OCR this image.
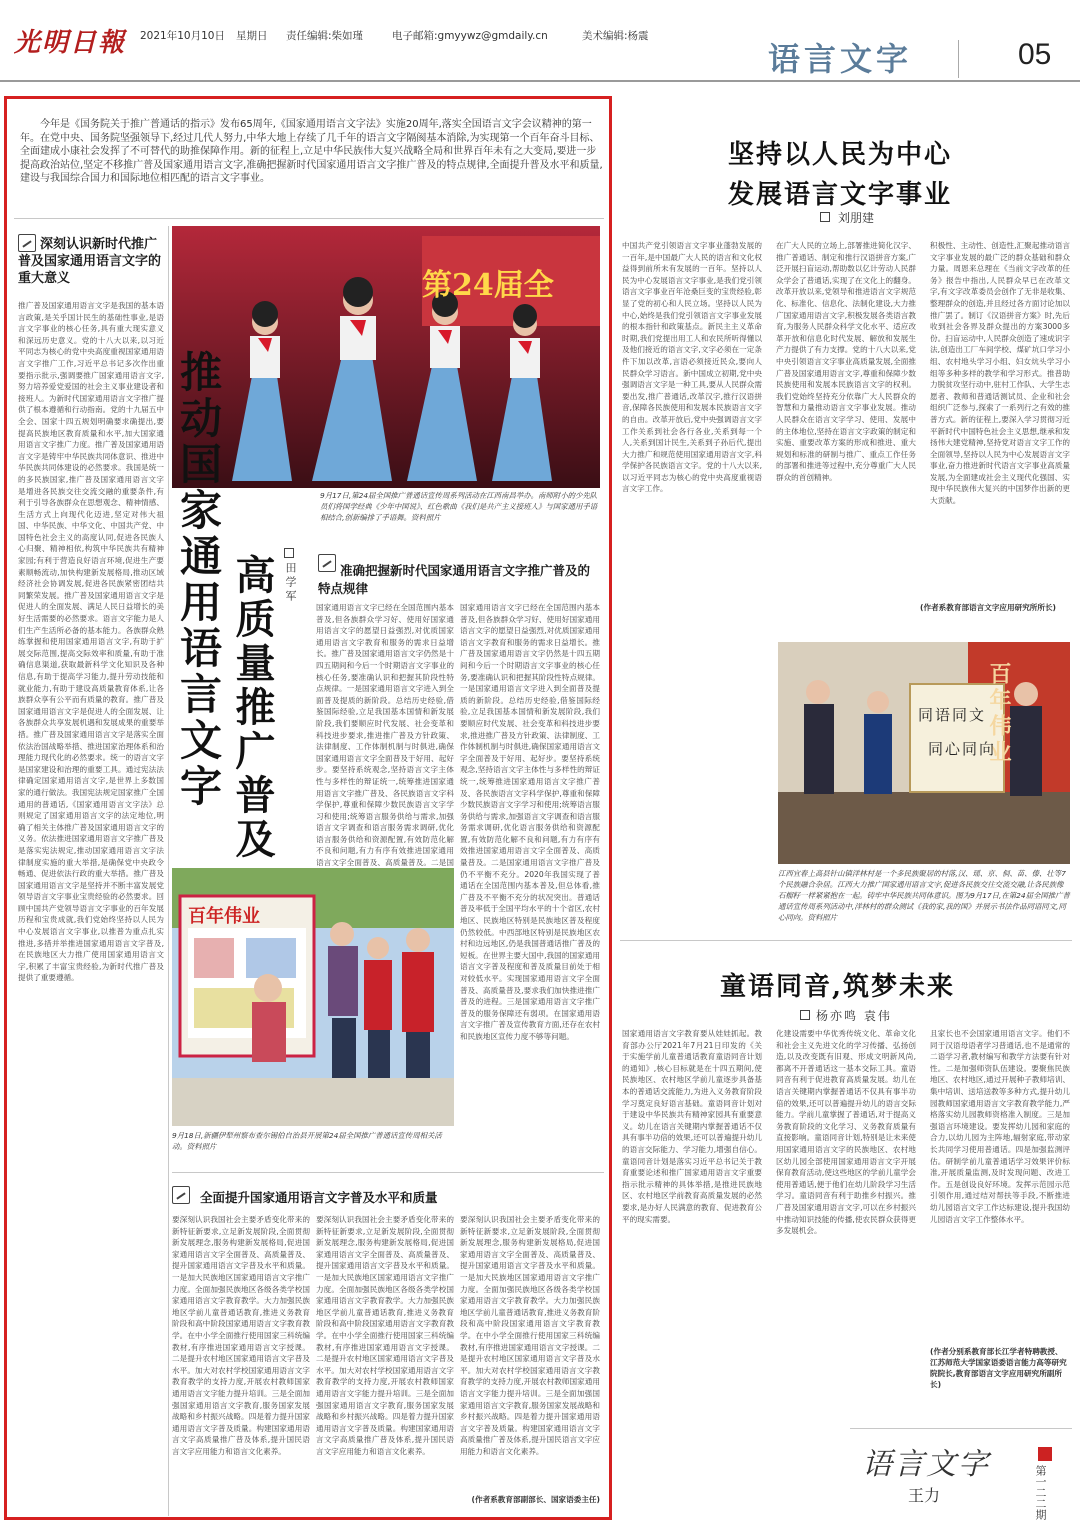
光明日報 2021年10月10日 星期日 责任编辑:柴如瑾	电子邮箱:gmyywz@gmdaily.cn	美术编辑:杨震
语言文字	05
今年是《国务院关于推广普通话的指示》发布65周年,《国家通用语言文字法》实施20周年,落实全国语言文字会议精神的第一年。在党中央、国务院坚强领导下,经过几代人努力,中华大地上存续了几千年的语言文字隔阂基本消除,为实现第一个百年奋斗目标、全面建成小康社会发挥了不可替代的助推保障作用。新的征程上,立足中华民族伟大复兴战略全局和世界百年未有之大变局,要进一步提高政治站位,坚定不移推广普及国家通用语言文字,准确把握新时代国家通用语言文字推广普及的特点规律,全面提升普及水平和质量,建设与我国综合国力和国际地位相匹配的语言文字事业。
深刻认识新时代推广普及国家通用语言文字的重大意义
推广普及国家通用语言文字是我国的基本语言政策,是关乎国计民生的基础性事业,是语言文字事业的核心任务,具有重大现实意义和深远历史意义。党的十八大以来,以习近平同志为核心的党中央高度重视国家通用语言文字推广工作,习近平总书记多次作出重要指示批示,强调要推广国家通用语言文字,努力培养爱党爱国的社会主义事业建设者和接班人。为新时代国家通用语言文字推广提供了根本遵循和行动指南。党的十九届五中全会、国家十四五规划明确要求确提出,要提高民族地区教育质量和水平,加大国家通用语言文字推广力度。推广普及国家通用语言文字是铸牢中华民族共同体意识、推进中华民族共同体建设的必然要求。我国是统一的多民族国家,推广普及国家通用语言文字是增进各民族交往交流交融的重要条件,有利于引导各族群众在思想观念、精神情感、生活方式上向现代化迈进,坚定对伟大祖国、中华民族、中华文化、中国共产党、中国特色社会主义的高度认同,促进各民族人心归聚、精神相依,构筑中华民族共有精神家园;有利于营造良好语言环境,促进生产要素顺畅流动,加快构建新发展格局,推动区域经济社会协调发展,促进各民族紧密团结共同繁荣发展。推广普及国家通用语言文字是促进人的全面发展、满足人民日益增长的美好生活需要的必然要求。语言文字能力是人们生产生活所必备的基本能力。各族群众熟练掌握和使用国家通用语言文字,有助于扩展交际范围,提高交际效率和质量,有助于准确信息渠道,获取最新科学文化知识及各种信息,有助于提高学习能力,提升劳动技能和就业能力,有助于建设高质量教育体系,让各族群众享有公平而有质量的教育。推广普及国家通用语言文字是促进人的全面发展、让各族群众共享发展机遇和发展成果的重要举措。推广普及国家通用语言文字是落实全面依法治国战略举措、推进国家治理体系和治理能力现代化的必然要求。统一的语言文字是国家建设和治理的重要工具。通过宪法法律确定国家通用语言文字,是世界上多数国家的通行做法。我国宪法规定国家推广全国通用的普通话,《国家通用语言文字法》总则规定了国家通用语言文字的法定地位,明确了相关主体推广普及国家通用语言文字的义务。依法推进国家通用语言文字推广普及是落实宪法规定,推动国家通用语言文字法律制度实施的重大举措,是确保党中央政令畅通、促进依法行政的重大举措。推广普及国家通用语言文字是坚持并不断丰富发展党领导语言文字事业宝贵经验的必然要求。回顾中国共产党领导语言文字事业的百年发展历程和宝贵成就,我们党始终坚持以人民为中心发展语言文字事业,以推普为重点扎实推进,多措并举推进国家通用语言文字普及,在民族地区大力推广使用国家通用语言文字,积累了丰富宝贵经验,为新时代推广普及提供了重要遵循。
第24届全
9月17日,第24届全国推广普通话宣传周系列活动在江西南昌举办。南师附小的少先队员们将国学经典《少年中国说》、红色歌曲《我们是共产主义接班人》与国家通用手语相结合,创新编排了手语舞。资料照片
推动国家通用语言文字 高质量推广普及 田学军	准确把握新时代国家通用语言文字推广普及的特点规律
国家通用语言文字已经在全国范围内基本普及,但各族群众学习好、使用好国家通用语言文字的愿望日益强烈,对优质国家通用语言文字教育和服务的需求日益增长。推广普及国家通用语言文字仍然是十四五期间和今后一个时期语言文字事业的核心任务,要准确认识和把握其阶段性特点规律。一是国家通用语言文字进入到全面普及提质的新阶段。总结历史经验,借鉴国际经验,立足我国基本国情和新发展阶段,我们要顺应时代发展、社会变革和科技进步要求,推进推广普及方针政策、法律制度、工作体制机制与时俱进,确保国家通用语言文字全面普及于好用、起好步。要坚持系统观念,坚持语言文字主体性与多样性的辩证统一,统筹推进国家通用语言文字推广普及、各民族语言文字科学保护,尊重和保障少数民族语言文字学习和使用;统筹语言服务供给与需求,加强语言文字调查和语言服务需求调研,优化语言服务供给和资源配置,有效防范化解不良和问题,有力有序有效推进国家通用语言文字全面普及、高质量普及。二是国
国家通用语言文字已经在全国范围内基本普及,但各族群众学习好、使用好国家通用语言文字的愿望日益强烈,对优质国家通用语言文字教育和服务的需求日益增长。推广普及国家通用语言文字仍然是十四五期间和今后一个时期语言文字事业的核心任务,要准确认识和把握其阶段性特点规律。一是国家通用语言文字进入到全面普及提质的新阶段。总结历史经验,借鉴国际经验,立足我国基本国情和新发展阶段,我们要顺应时代发展、社会变革和科技进步要求,推进推广普及方针政策、法律制度、工作体制机制与时俱进,确保国家通用语言文字全面普及于好用、起好步。要坚持系统观念,坚持语言文字主体性与多样性的辩证统一,统筹推进国家通用语言文字推广普及、各民族语言文字科学保护,尊重和保障少数民族语言文字学习和使用;统筹语言服务供给与需求,加强语言文字调查和语言服务需求调研,优化语言服务供给和资源配置,有效防范化解不良和问题,有力有序有效推进国家通用语言文字全面普及、高质量普及。二是国家通用语言文字推广普及仍不平衡不充分。2020年我国实现了普通话在全国范围内基本普及,但总体看,推广普及不平衡不充分的状况突出。普通话普及率低于全国平均水平的十个省区,农村地区、民族地区特别是民族地区普及程度仍然较低。中西部地区特别是民族地区农村和边远地区,仍是我国普通话推广普及的短板。在世界主要大国中,我国的国家通用语言文字普及程度和普及质量目前处于相对较低水平。实现国家通用语言文字全面普及、高质量普及,要求我们加快推进推广普及的进程。三是国家通用语言文字推广普及的服务保障还有弱项。在国家通用语言文字推广普及宣传教育方面,还存在农村和民族地区宣传力度不够等问题。
百年伟业
9月18日,新疆伊犁州察布查尔锡伯自治县开展第24届全国推广普通话宣传周相关活动。资料照片
全面提升国家通用语言文字普及水平和质量
要深刻认识我国社会主要矛盾变化带来的新特征新要求,立足新发展阶段,全面贯彻新发展理念,服务构建新发展格局,促进国家通用语言文字全面普及、高质量普及、提升国家通用语言文字普及水平和质量。一是加大民族地区国家通用语言文字推广力度。全面加强民族地区各级各类学校国家通用语言文字教育教学。大力加强民族地区学前儿童普通话教育,推进义务教育阶段和高中阶段国家通用语言文字教育教学。在中小学全面推行使用国家三科统编教材,有序推进国家通用语言文字授课。二是提升农村地区国家通用语言文字普及水平。加大对农村学校国家通用语言文字教育教学的支持力度,开展农村教师国家通用语言文字能力提升培训。三是全面加强国家通用语言文字教育,服务国家发展战略和乡村振兴战略。四是着力提升国家通用语言文字普及质量。构建国家通用语言文字高质量推广普及体系,提升国民语言文字应用能力和语言文化素养。
要深刻认识我国社会主要矛盾变化带来的新特征新要求,立足新发展阶段,全面贯彻新发展理念,服务构建新发展格局,促进国家通用语言文字全面普及、高质量普及、提升国家通用语言文字普及水平和质量。一是加大民族地区国家通用语言文字推广力度。全面加强民族地区各级各类学校国家通用语言文字教育教学。大力加强民族地区学前儿童普通话教育,推进义务教育阶段和高中阶段国家通用语言文字教育教学。在中小学全面推行使用国家三科统编教材,有序推进国家通用语言文字授课。二是提升农村地区国家通用语言文字普及水平。加大对农村学校国家通用语言文字教育教学的支持力度,开展农村教师国家通用语言文字能力提升培训。三是全面加强国家通用语言文字教育,服务国家发展战略和乡村振兴战略。四是着力提升国家通用语言文字普及质量。构建国家通用语言文字高质量推广普及体系,提升国民语言文字应用能力和语言文化素养。
要深刻认识我国社会主要矛盾变化带来的新特征新要求,立足新发展阶段,全面贯彻新发展理念,服务构建新发展格局,促进国家通用语言文字全面普及、高质量普及、提升国家通用语言文字普及水平和质量。一是加大民族地区国家通用语言文字推广力度。全面加强民族地区各级各类学校国家通用语言文字教育教学。大力加强民族地区学前儿童普通话教育,推进义务教育阶段和高中阶段国家通用语言文字教育教学。在中小学全面推行使用国家三科统编教材,有序推进国家通用语言文字授课。二是提升农村地区国家通用语言文字普及水平。加大对农村学校国家通用语言文字教育教学的支持力度,开展农村教师国家通用语言文字能力提升培训。三是全面加强国家通用语言文字教育,服务国家发展战略和乡村振兴战略。四是着力提升国家通用语言文字普及质量。构建国家通用语言文字高质量推广普及体系,提升国民语言文字应用能力和语言文化素养。
(作者系教育部副部长、国家语委主任)
坚持以人民为中心
发展语言文字事业
刘朋建
中国共产党引领语言文字事业蓬勃发展的一百年,是中国最广大人民的语言和文化权益得到前所未有发展的一百年。坚持以人民为中心发展语言文字事业,是我们党引领语言文字事业百年沧桑巨变的宝贵经验,彰显了党的初心和人民立场。坚持以人民为中心,始终是我们党引领语言文字事业发展的根本指针和政策基点。新民主主义革命时期,我们党提出用工人和农民所听得懂以及他们接近的语言文字,文字必须在一定条件下加以改革,言语必须接近民众,要向人民群众学习语言。新中国成立初期,党中央强调语言文字是一种工具,要从人民群众需要出发,推广普通话,改革汉字,推行汉语拼音,保障各民族使用和发展本民族语言文字的自由。改革开放后,党中央强调语言文字工作关系到社会各行各业,关系到每一个人,关系到国计民生,关系到子孙后代,提出大力推广和规范使用国家通用语言文字,科学保护各民族语言文字。党的十八大以来,以习近平同志为核心的党中央高度重视语言文字工作。
在广大人民的立场上,部署推进简化汉字、推广普通话、制定和推行汉语拼音方案,广泛开展扫盲运动,帮助数以亿计劳动人民群众学会了普通话,实现了在文化上的翻身。改革开放以来,党领导和推进语言文字规范化、标准化、信息化、法制化建设,大力推广国家通用语言文字,积极发展各类语言教育,为服务人民群众科学文化水平、适应改革开放和信息化时代发展、解放和发展生产力提供了有力支撑。党的十八大以来,党中央引领语言文字事业高质量发展,全面推广普及国家通用语言文字,尊重和保障少数民族使用和发展本民族语言文字的权利。我们党始终坚持充分依靠广大人民群众的智慧和力量推动语言文字事业发展。推动人民群众在语言文字学习、使用、发展中的主体地位,坚持在语言文字政策的制定和实施、重要改革方案的形成和推进、重大规划和标准的研制与推广、重点工作任务的部署和推进等过程中,充分尊重广大人民群众的首创精神。
积极性、主动性、创造性,汇聚起推动语言文字事业发展的最广泛的群众基础和群众力量。周恩来总理在《当前文字改革的任务》报告中指出,人民群众早已在改革文字,有文字改革委员会创作了无非是收集、整理群众的创造,并且经过各方面讨论加以推广罢了。制订《汉语拼音方案》时,先后收到社会各界及群众提出的方案3000多份。扫盲运动中,人民群众创造了速成识字法,创造出工厂车间学校、煤矿坑口学习小组、农村地头学习小组、妇女炕头学习小组等多种多样的教学和学习形式。推普助力脱贫攻坚行动中,驻村工作队、大学生志愿者、教师和普通话测试员、企业和社会组织广泛参与,探索了一系列行之有效的推普方式。新的征程上,要深入学习贯彻习近平新时代中国特色社会主义思想,继承和发扬伟大建党精神,坚持党对语言文字工作的全面领导,坚持以人民为中心发展语言文字事业,奋力推进新时代语言文字事业高质量发展,为全面建成社会主义现代化强国、实现中华民族伟大复兴的中国梦作出新的更大贡献。
(作者系教育部语言文字应用研究所所长)
百年伟业
同语同文
同心同向
江西宜春上高县针山镇洋林村是一个多民族聚居的村落,汉、瑶、京、侗、苗、傣、壮等7个民族融合杂居。江西大力推广国家通用语言文字,促进各民族交往交流交融,让各民族像石榴籽一样紧紧抱在一起。铸牢中华民族共同体意识。图为9月17日,在第24届全国推广普通话宣传周系列活动中,洋林村的群众测试《我的家,我的国》并展示书法作品同语同文,同心同向。资料照片
童语同音,筑梦未来
杨亦鸣 袁伟
国家通用语言文字教育要从娃娃抓起。教育部办公厅2021年7月21日印发的《关于实施学前儿童普通话教育童语同音计划的通知》,核心目标就是在十四五期间,使民族地区、农村地区学前儿童逐步具备基本的普通话交流能力,为进入义务教育阶段学习奠定良好语言基础。童语同音计划对于建设中华民族共有精神家园具有重要意义。幼儿在语言关键期内掌握普通话不仅具有事半功倍的效果,还可以普遍提升幼儿的语言交际能力、学习能力,增强自信心。童语同音计划是落实习近平总书记关于教育重要论述和推广国家通用语言文字重要指示批示精神的具体举措,是推进民族地区、农村地区学前教育高质量发展的必然要求,是办好人民满意的教育、促进教育公平的现实需要。
化建设需要中华优秀传统文化、革命文化和社会主义先进文化的学习传播、弘扬创造,以及改变既有旧观、形成文明新风尚,都离不开普通话这一基本交际工具。童语同音有利于促进教育高质量发展。幼儿在语言关键期内掌握普通话不仅具有事半功倍的效果,还可以普遍提升幼儿的语言交际能力。学前儿童掌握了普通话,对于提高义务教育阶段的文化学习、义务教育质量有直接影响。童语同音计划,特别是让未来使用国家通用语言文字的民族地区、农村地区幼儿园全部使用国家通用语言文字开展保育教育活动,使这些地区的学前儿童学会使用普通话,便于他们在幼儿阶段学习生活学习。童语同音有利于助推乡村振兴。推广普及国家通用语言文字,可以在乡村振兴中推动知识技能的传播,使农民群众获得更多发展机会。
且家长也不会国家通用语言文字。他们不同于汉语母语者学习普通话,也不是通常的二语学习者,教材编写和教学方法要有针对性。二是加强师资队伍建设。要聚焦民族地区、农村地区,通过开展种子教师培训、集中培训、送培送教等多种方式,提升幼儿园教师国家通用语言文字教育教学能力,严格落实幼儿园教师资格准入制度。三是加强语言环境建设。要发挥幼儿园和家庭的合力,以幼儿园为主阵地,辐射家庭,带动家长共同学习使用普通话。四是加强监测评估。研制学前儿童普通话学习效果评价标准,开展质量监测,及时发现问题、改进工作。五是创设良好环境。发挥示范园示范引领作用,通过结对帮扶等手段,不断推进幼儿园语言文字工作达标建设,提升我国幼儿园语言文字工作整体水平。
(作者分别系教育部长江学者特聘教授、江苏师范大学国家语委语言能力高等研究院院长,教育部语言文字应用研究所副所长)
语言文字
王力	第一二二期
